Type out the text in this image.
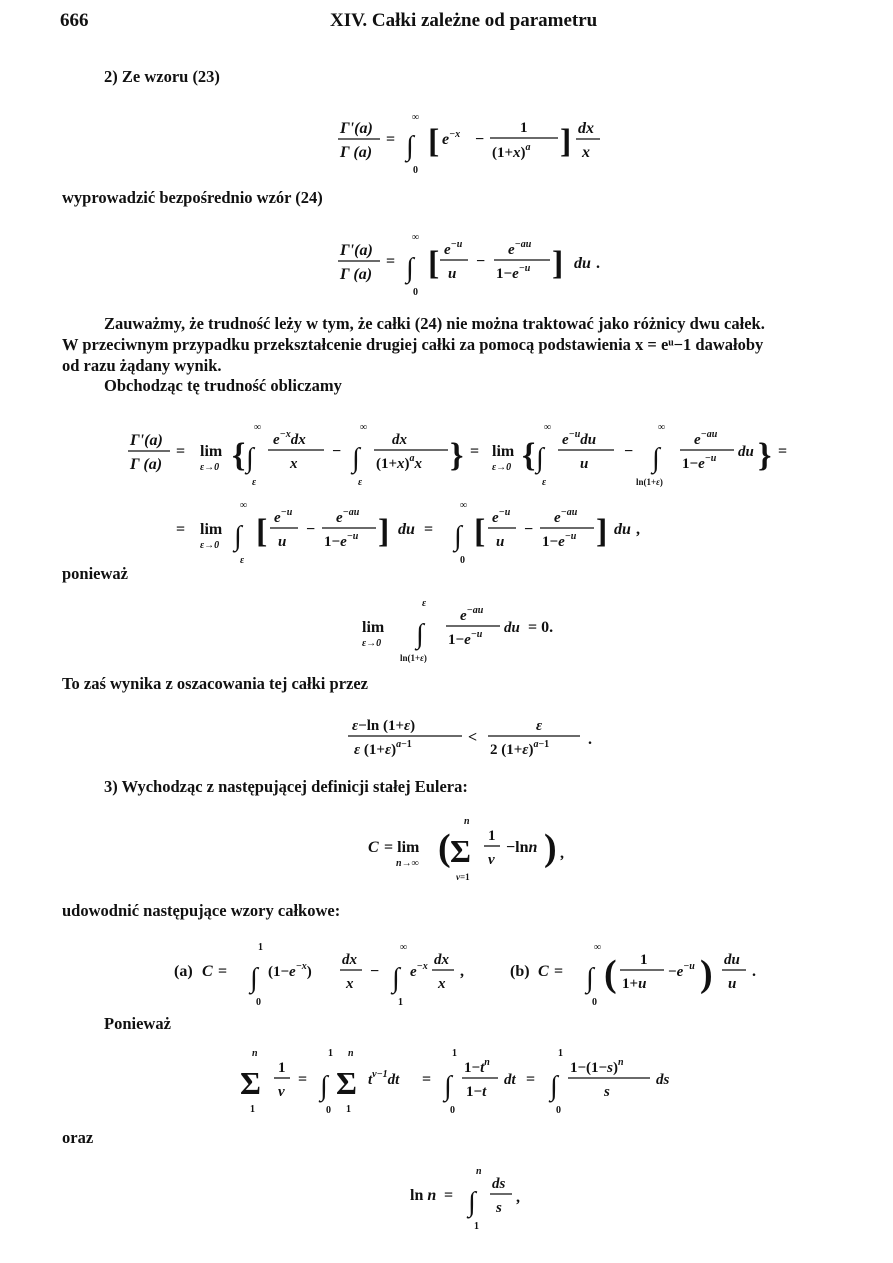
666	XIV. Całki zależne od parametru
2) Ze wzoru (23)
Γ'(a)
Γ (a)
=
∞
∫
0
[ $e^{-x}$ −
1
$(1+x)^a$ ] dx
x
wyprowadzić bezpośrednio wzór (24)
Γ'(a)
Γ (a)
=
∞
∫
0
[ $e^{-u}$
u
−
$e^{-au}$
$1-e^{-u}$ ] du .
Zauważmy, że trudność leży w tym, że całki (24) nie można traktować jako różnicy dwu całek.
W przeciwnym przypadku przekształcenie drugiej całki za pomocą podstawienia x = eᵘ−1 dawałoby
od razu żądany wynik.
Obchodząc tę trudność obliczamy
Γ'(a)
Γ (a)
= lim
ε→0 {
∞
∫
ε
$e^{-x}dx$
x
−
∞
∫
ε
dx
$(1+x)^ax$ } = lim
ε→0 {
∞
∫
ε
$e^{-u}du$
u
−
∞
∫
ln(1+ε)
$e^{-au}$
$1-e^{-u}$ du } =
= lim
ε→0
∞
∫
ε
[ $e^{-u}$
u
−
$e^{-au}$
$1-e^{-u}$ ] du =
∞
∫
0
[ $e^{-u}$
u
−
$e^{-au}$
$1-e^{-u}$ ] du ,
ponieważ
lim
ε→0
ε
∫
ln(1+ε)
$e^{-au}$
$1-e^{-u}$ du = 0.
To zaś wynika z oszacowania tej całki przez
ε−ln (1+ε)
ε $(1+\varepsilon)^a-1$	<
ε
2 $(1+\varepsilon)^a-1$ .
3) Wychodząc z następującej definicji stałej Eulera:
C = lim
n→∞ (
n
Σ
ν=1
1
ν
−lnn ) ,
udowodnić następujące wzory całkowe:
(a) C =
1
∫
0
$(1-e^{-x})$
dx
x
−
∞
∫
1
$e^{-x}$ dx
x
,	(b) C =
∞
∫
0
( 1
1+u
$-e^{-u}$ ) du
u
.
Ponieważ
n
Σ
1
1
ν
=
1
∫
0
n
Σ
1
$t^{\nu-1}dt$ =
1
∫
0
$1-t^n$
1−t
dt =
1
∫
0
$1-(1-s)^n$
s
ds
oraz
ln n =
n
∫
1
ds
s
,
